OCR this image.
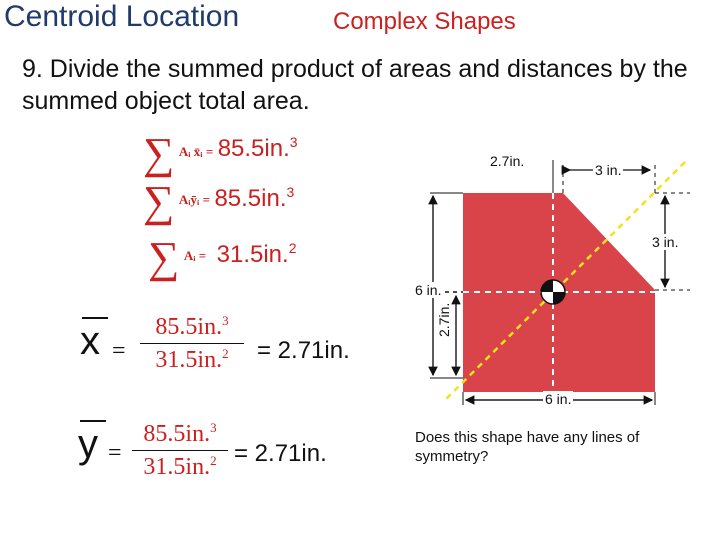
Centroid Location	Complex Shapes
9. Divide the summed product of areas and distances by the summed object total area.
∑ $^{Aᵢ x̄ᵢ =}$ 85.5in.$^3$
∑ $^{Aᵢȳᵢ =}$ 85.5in.$^3$
∑ $^{Aᵢ =}$ 31.5in.$^2$
x =
85.5in.$^3$
31.5in.$^2$	= 2.71in.
y =
85.5in.$^3$
31.5in.$^2$ = 2.71in.
2.7in.
3 in.
3 in.
6 in.
2.7in.
6 in.
Does this shape have any lines of symmetry?
